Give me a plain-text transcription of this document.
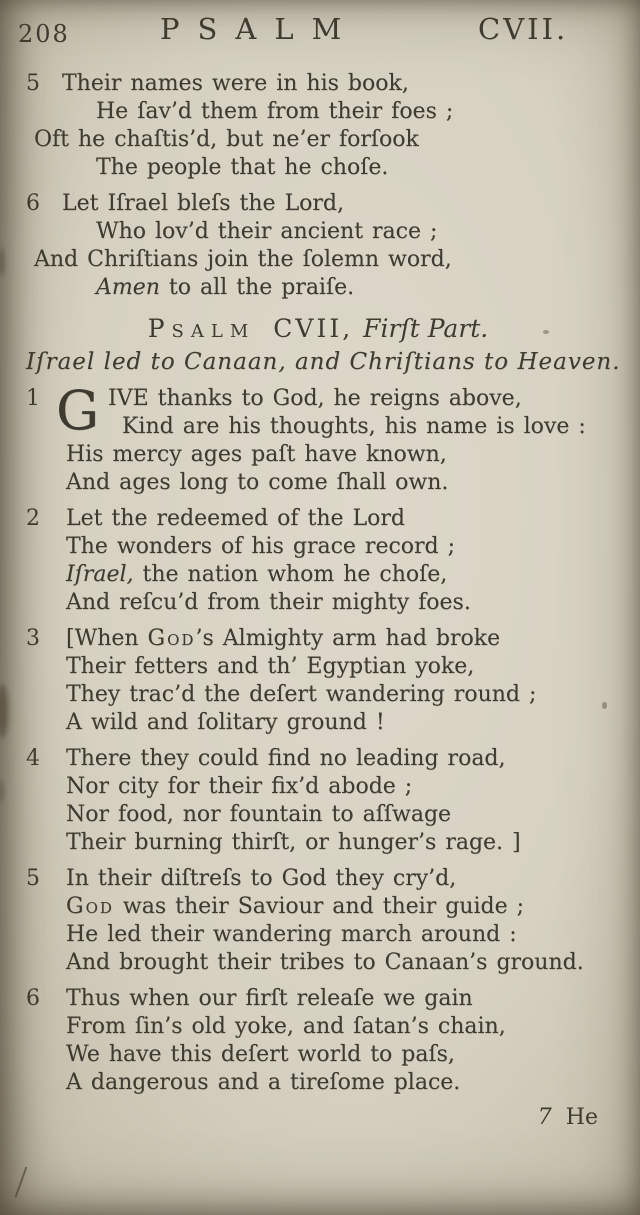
208	PSALM	CVII.
5	Their names were in his book,
He ſav’d them from their foes ;
Oft he chaſtis’d, but ne’er forſook
The people that he choſe.
6	Let Iſrael bleſs the Lord,
Who lov’d their ancient race ;
And Chriſtians join the ſolemn word,
Amen to all the praiſe.
Psalm CVII, Firſt Part.
Iſrael led to Canaan, and Chriſtians to Heaven.
1 G IVE thanks to God, he reigns above,
Kind are his thoughts, his name is love :
His mercy ages paſt have known,
And ages long to come ſhall own.
2	Let the redeemed of the Lord
The wonders of his grace record ;
Iſrael, the nation whom he choſe,
And reſcu’d from their mighty foes.
3	[When God’s Almighty arm had broke
Their fetters and th’ Egyptian yoke,
They trac’d the deſert wandering round ;
A wild and ſolitary ground !
4	There they could find no leading road,
Nor city for their fix’d abode ;
Nor food, nor fountain to aſſwage
Their burning thirſt, or hunger’s rage. ]
5	In their diſtreſs to God they cry’d,
God was their Saviour and their guide ;
He led their wandering march around :
And brought their tribes to Canaan’s ground.
6	Thus when our firſt releaſe we gain
From ſin’s old yoke, and ſatan’s chain,
We have this deſert world to paſs,
A dangerous and a tireſome place.
7 He
